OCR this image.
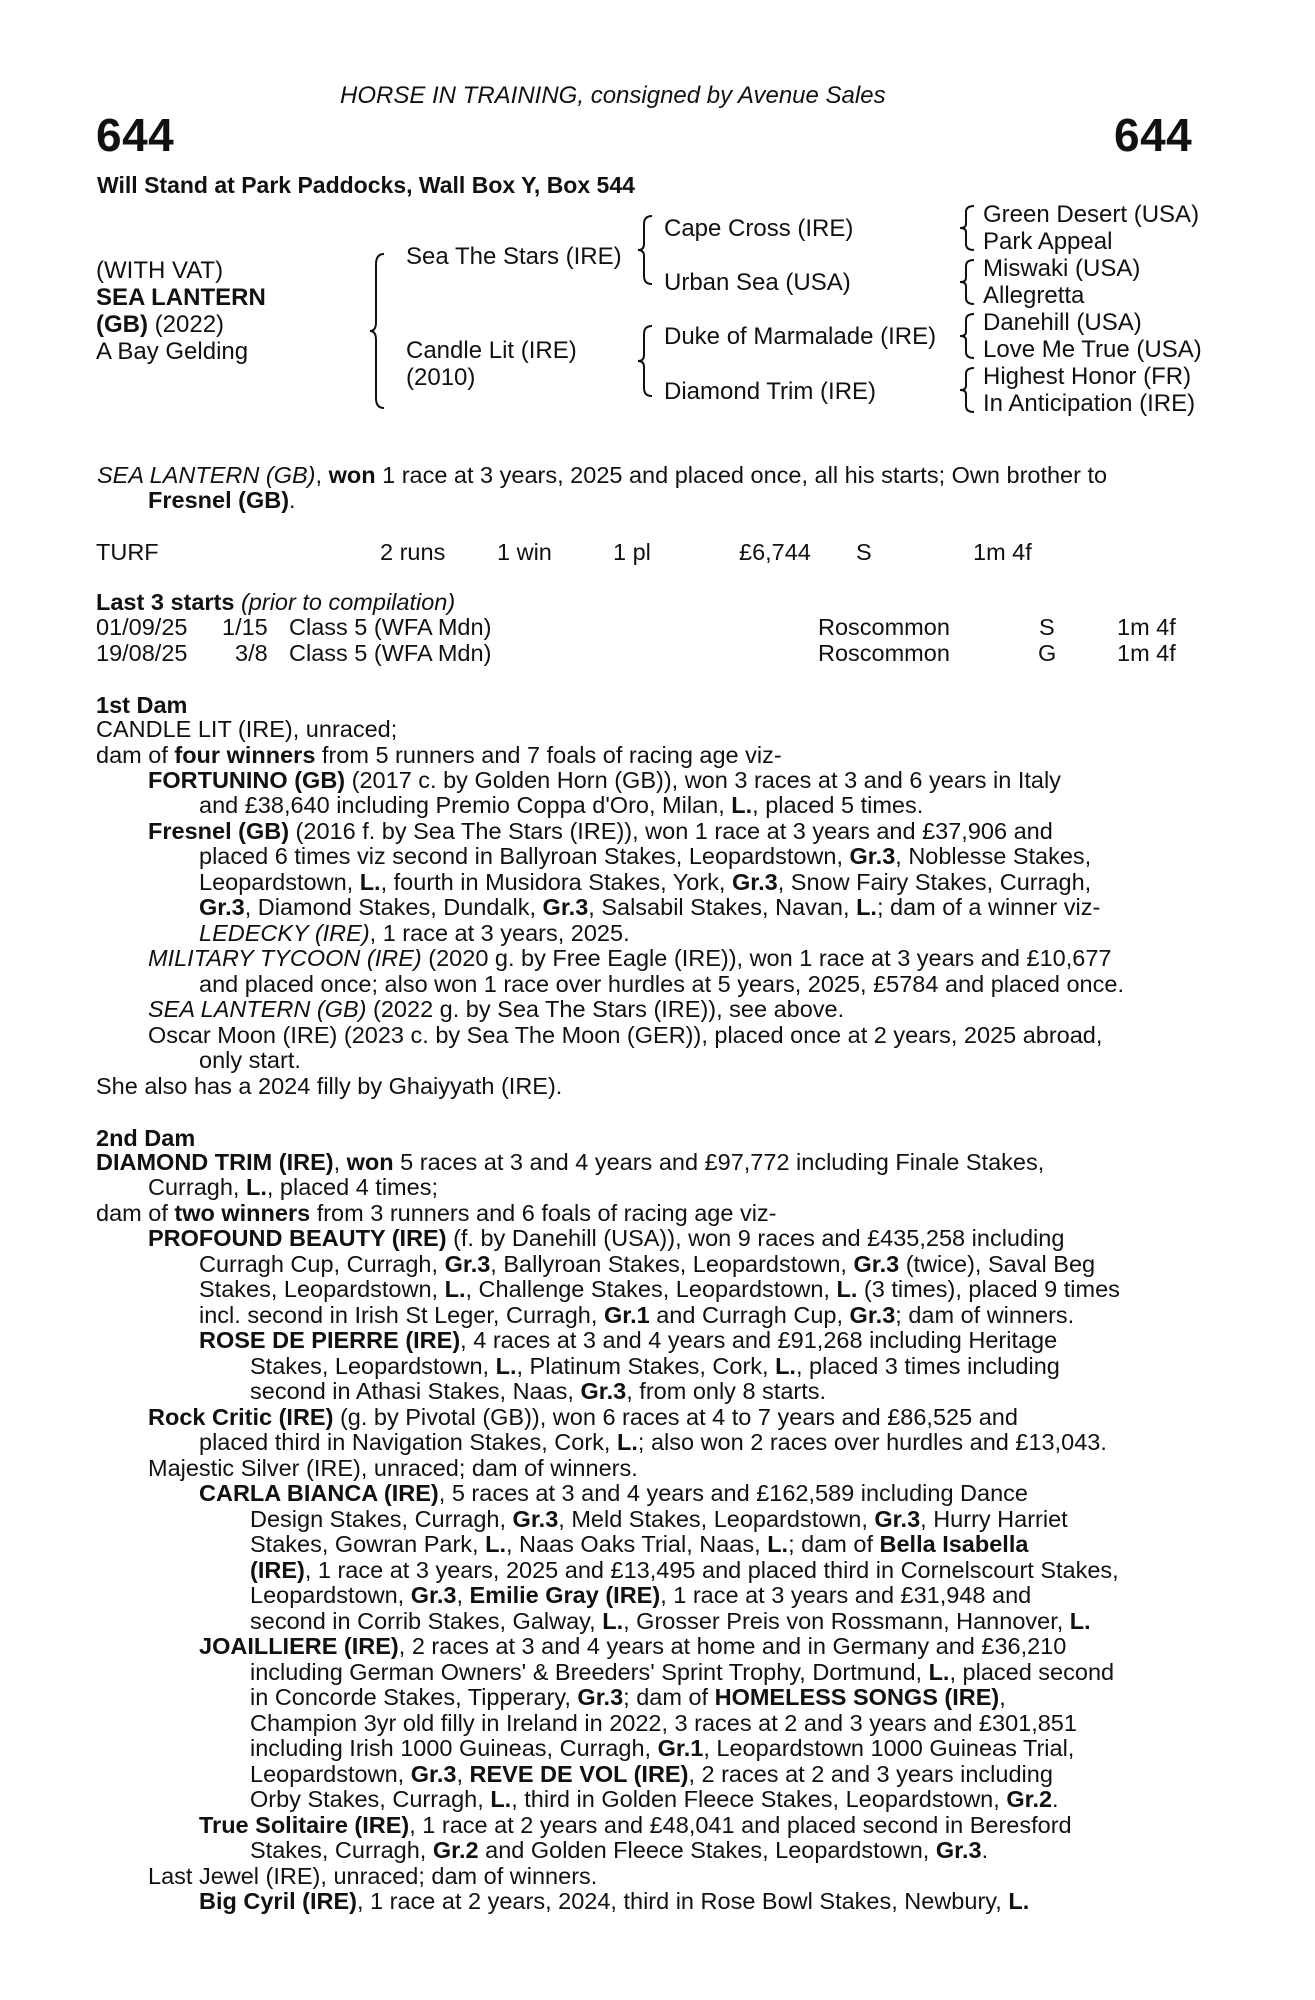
HORSE IN TRAINING, consigned by Avenue Sales
644	644
Will Stand at Park Paddocks, Wall Box Y, Box 544
(WITH VAT)
SEA LANTERN
(GB) (2022)
A Bay Gelding
Sea The Stars (IRE)
Candle Lit (IRE)
(2010)
Cape Cross (IRE)
Urban Sea (USA)
Duke of Marmalade (IRE)
Diamond Trim (IRE)
Green Desert (USA)
Park Appeal
Miswaki (USA)
Allegretta
Danehill (USA)
Love Me True (USA)
Highest Honor (FR)
In Anticipation (IRE)
SEA LANTERN (GB), won 1 race at 3 years, 2025 and placed once, all his starts; Own brother to
Fresnel (GB).
TURF	2 runs 1 win	1 pl	£6,744 S	1m 4f
Last 3 starts (prior to compilation)
01/09/25 1/15 Class 5 (WFA Mdn)	Roscommon	S	1m 4f
19/08/25 3/8 Class 5 (WFA Mdn)	Roscommon	G	1m 4f
1st Dam
CANDLE LIT (IRE), unraced;
dam of four winners from 5 runners and 7 foals of racing age viz-
FORTUNINO (GB) (2017 c. by Golden Horn (GB)), won 3 races at 3 and 6 years in Italy
and £38,640 including Premio Coppa d'Oro, Milan, L., placed 5 times.
Fresnel (GB) (2016 f. by Sea The Stars (IRE)), won 1 race at 3 years and £37,906 and
placed 6 times viz second in Ballyroan Stakes, Leopardstown, Gr.3, Noblesse Stakes,
Leopardstown, L., fourth in Musidora Stakes, York, Gr.3, Snow Fairy Stakes, Curragh,
Gr.3, Diamond Stakes, Dundalk, Gr.3, Salsabil Stakes, Navan, L.; dam of a winner viz-
LEDECKY (IRE), 1 race at 3 years, 2025.
MILITARY TYCOON (IRE) (2020 g. by Free Eagle (IRE)), won 1 race at 3 years and £10,677
and placed once; also won 1 race over hurdles at 5 years, 2025, £5784 and placed once.
SEA LANTERN (GB) (2022 g. by Sea The Stars (IRE)), see above.
Oscar Moon (IRE) (2023 c. by Sea The Moon (GER)), placed once at 2 years, 2025 abroad,
only start.
She also has a 2024 filly by Ghaiyyath (IRE).
2nd Dam
DIAMOND TRIM (IRE), won 5 races at 3 and 4 years and £97,772 including Finale Stakes,
Curragh, L., placed 4 times;
dam of two winners from 3 runners and 6 foals of racing age viz-
PROFOUND BEAUTY (IRE) (f. by Danehill (USA)), won 9 races and £435,258 including
Curragh Cup, Curragh, Gr.3, Ballyroan Stakes, Leopardstown, Gr.3 (twice), Saval Beg
Stakes, Leopardstown, L., Challenge Stakes, Leopardstown, L. (3 times), placed 9 times
incl. second in Irish St Leger, Curragh, Gr.1 and Curragh Cup, Gr.3; dam of winners.
ROSE DE PIERRE (IRE), 4 races at 3 and 4 years and £91,268 including Heritage
Stakes, Leopardstown, L., Platinum Stakes, Cork, L., placed 3 times including
second in Athasi Stakes, Naas, Gr.3, from only 8 starts.
Rock Critic (IRE) (g. by Pivotal (GB)), won 6 races at 4 to 7 years and £86,525 and
placed third in Navigation Stakes, Cork, L.; also won 2 races over hurdles and £13,043.
Majestic Silver (IRE), unraced; dam of winners.
CARLA BIANCA (IRE), 5 races at 3 and 4 years and £162,589 including Dance
Design Stakes, Curragh, Gr.3, Meld Stakes, Leopardstown, Gr.3, Hurry Harriet
Stakes, Gowran Park, L., Naas Oaks Trial, Naas, L.; dam of Bella Isabella
(IRE), 1 race at 3 years, 2025 and £13,495 and placed third in Cornelscourt Stakes,
Leopardstown, Gr.3, Emilie Gray (IRE), 1 race at 3 years and £31,948 and
second in Corrib Stakes, Galway, L., Grosser Preis von Rossmann, Hannover, L.
JOAILLIERE (IRE), 2 races at 3 and 4 years at home and in Germany and £36,210
including German Owners' & Breeders' Sprint Trophy, Dortmund, L., placed second
in Concorde Stakes, Tipperary, Gr.3; dam of HOMELESS SONGS (IRE),
Champion 3yr old filly in Ireland in 2022, 3 races at 2 and 3 years and £301,851
including Irish 1000 Guineas, Curragh, Gr.1, Leopardstown 1000 Guineas Trial,
Leopardstown, Gr.3, REVE DE VOL (IRE), 2 races at 2 and 3 years including
Orby Stakes, Curragh, L., third in Golden Fleece Stakes, Leopardstown, Gr.2.
True Solitaire (IRE), 1 race at 2 years and £48,041 and placed second in Beresford
Stakes, Curragh, Gr.2 and Golden Fleece Stakes, Leopardstown, Gr.3.
Last Jewel (IRE), unraced; dam of winners.
Big Cyril (IRE), 1 race at 2 years, 2024, third in Rose Bowl Stakes, Newbury, L.
